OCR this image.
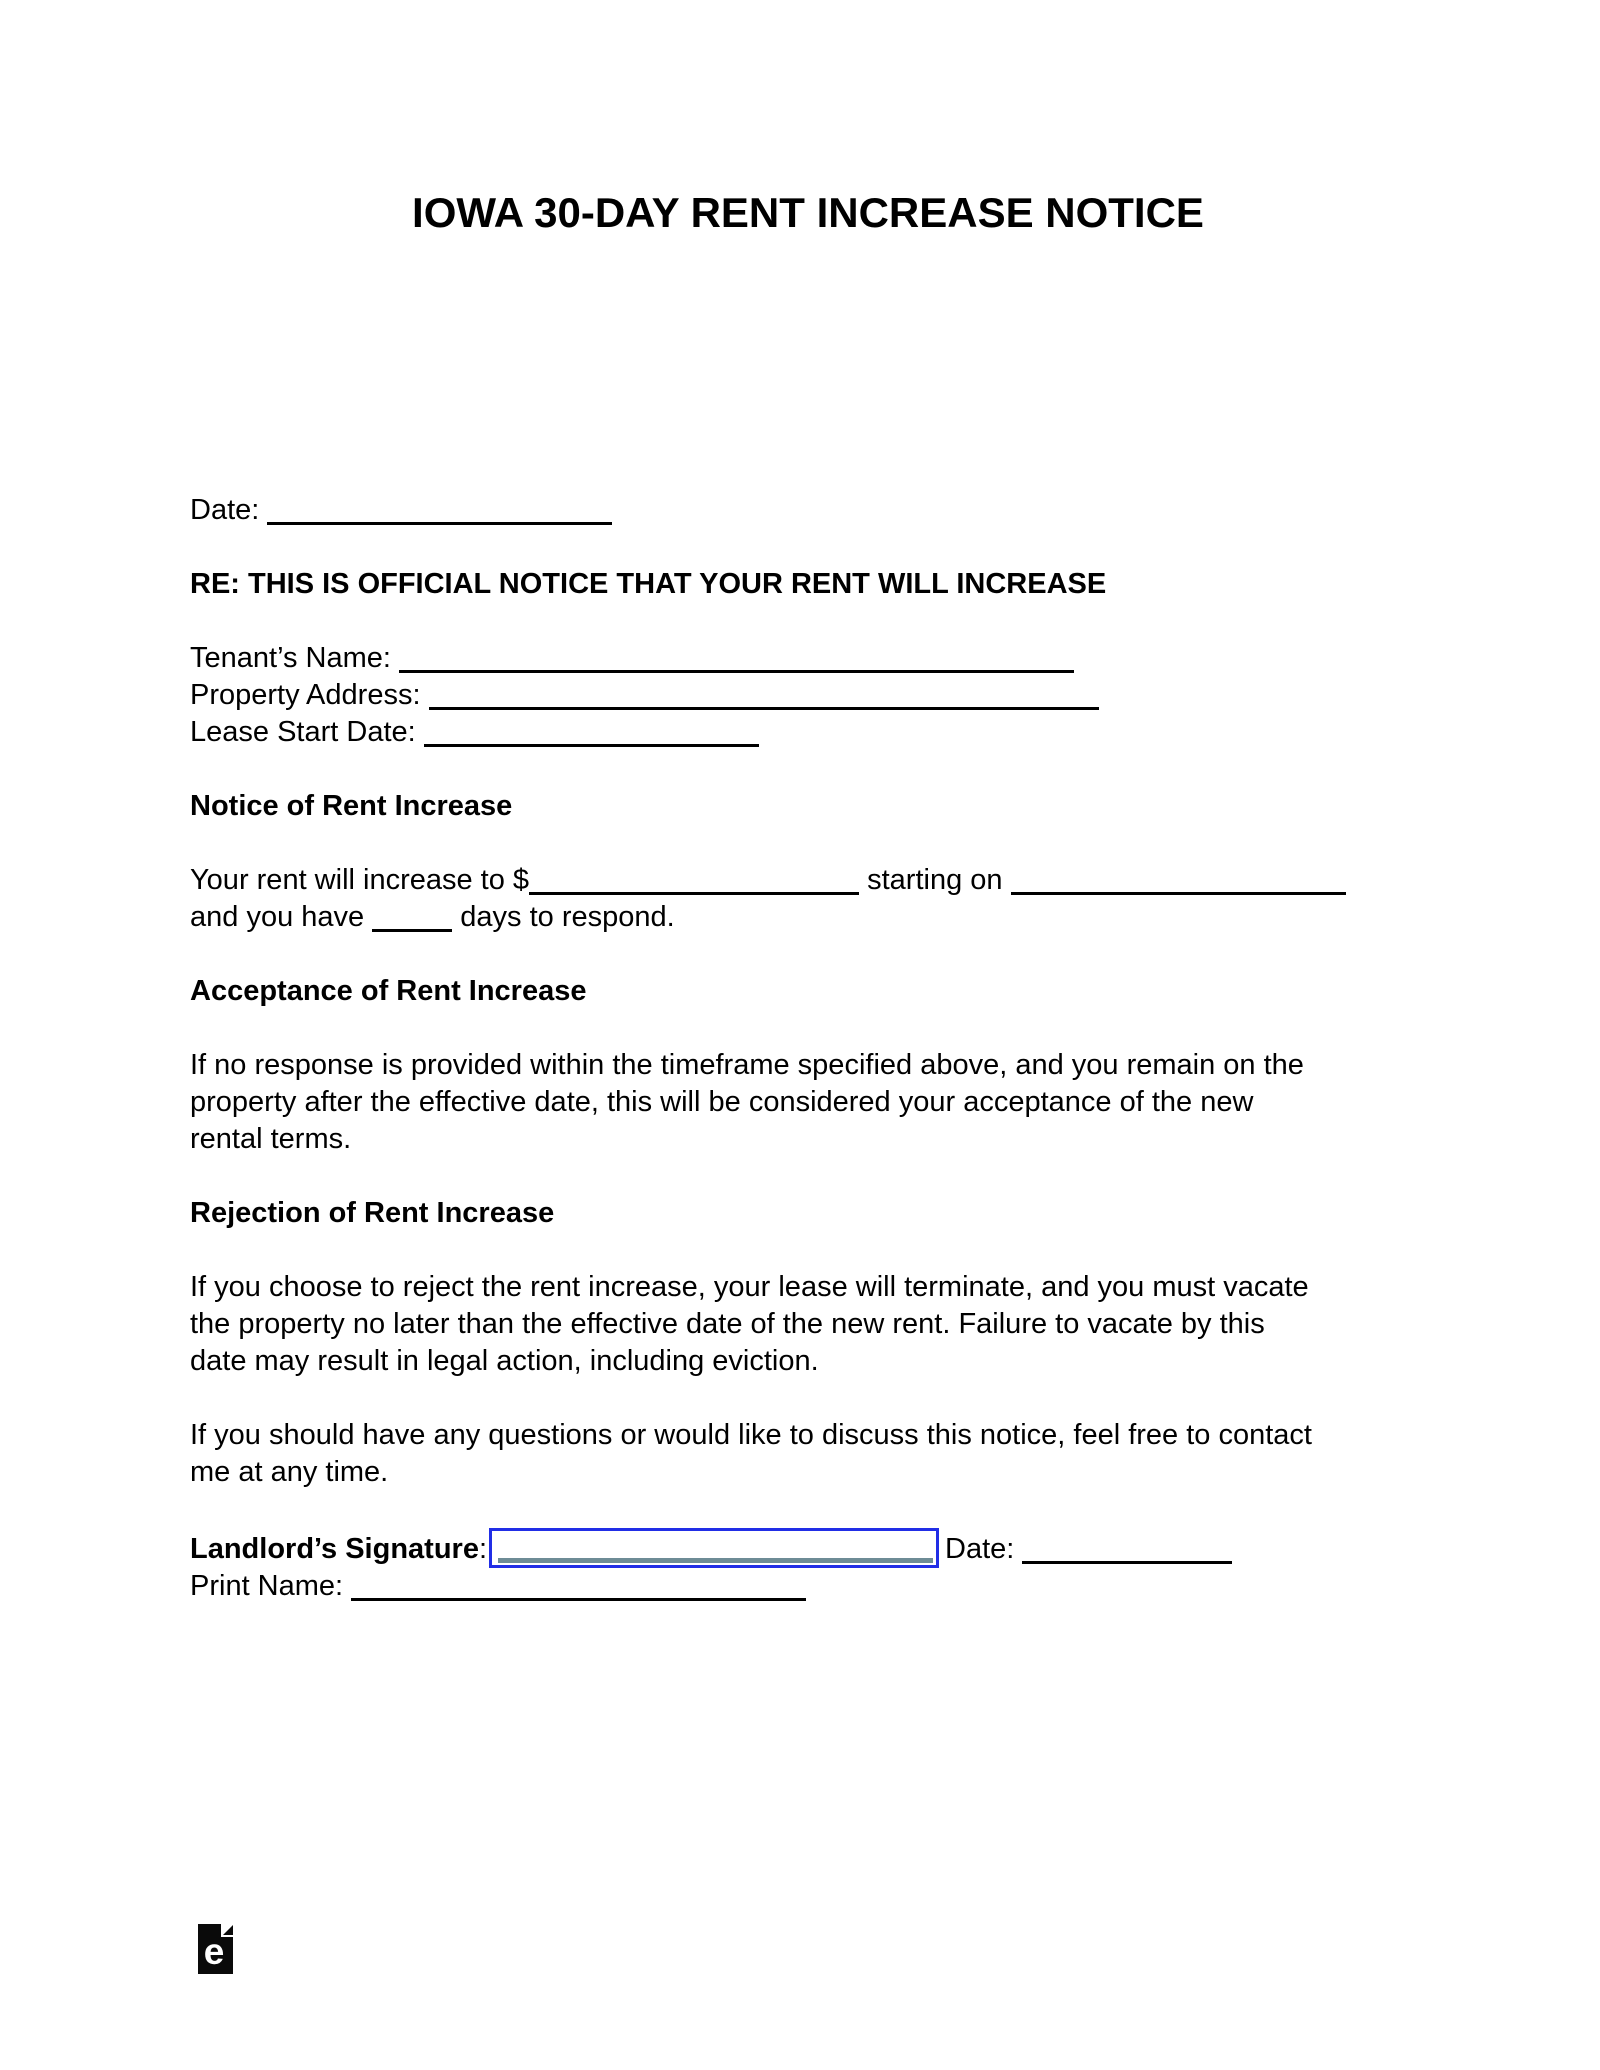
IOWA 30-DAY RENT INCREASE NOTICE

Date:

RE: THIS IS OFFICIAL NOTICE THAT YOUR RENT WILL INCREASE

Tenant’s Name:

Property Address:

Lease Start Date:

Notice of Rent Increase

Your rent will increase to $	starting on

and you have	days to respond.

Acceptance of Rent Increase

If no response is provided within the timeframe specified above, and you remain on the
property after the effective date, this will be considered your acceptance of the new
rental terms.

Rejection of Rent Increase

If you choose to reject the rent increase, your lease will terminate, and you must vacate
the property no later than the effective date of the new rent. Failure to vacate by this
date may result in legal action, including eviction.

If you should have any questions or would like to discuss this notice, feel free to contact
me at any time.

Landlord’s Signature:	Date:

Print Name:

e
